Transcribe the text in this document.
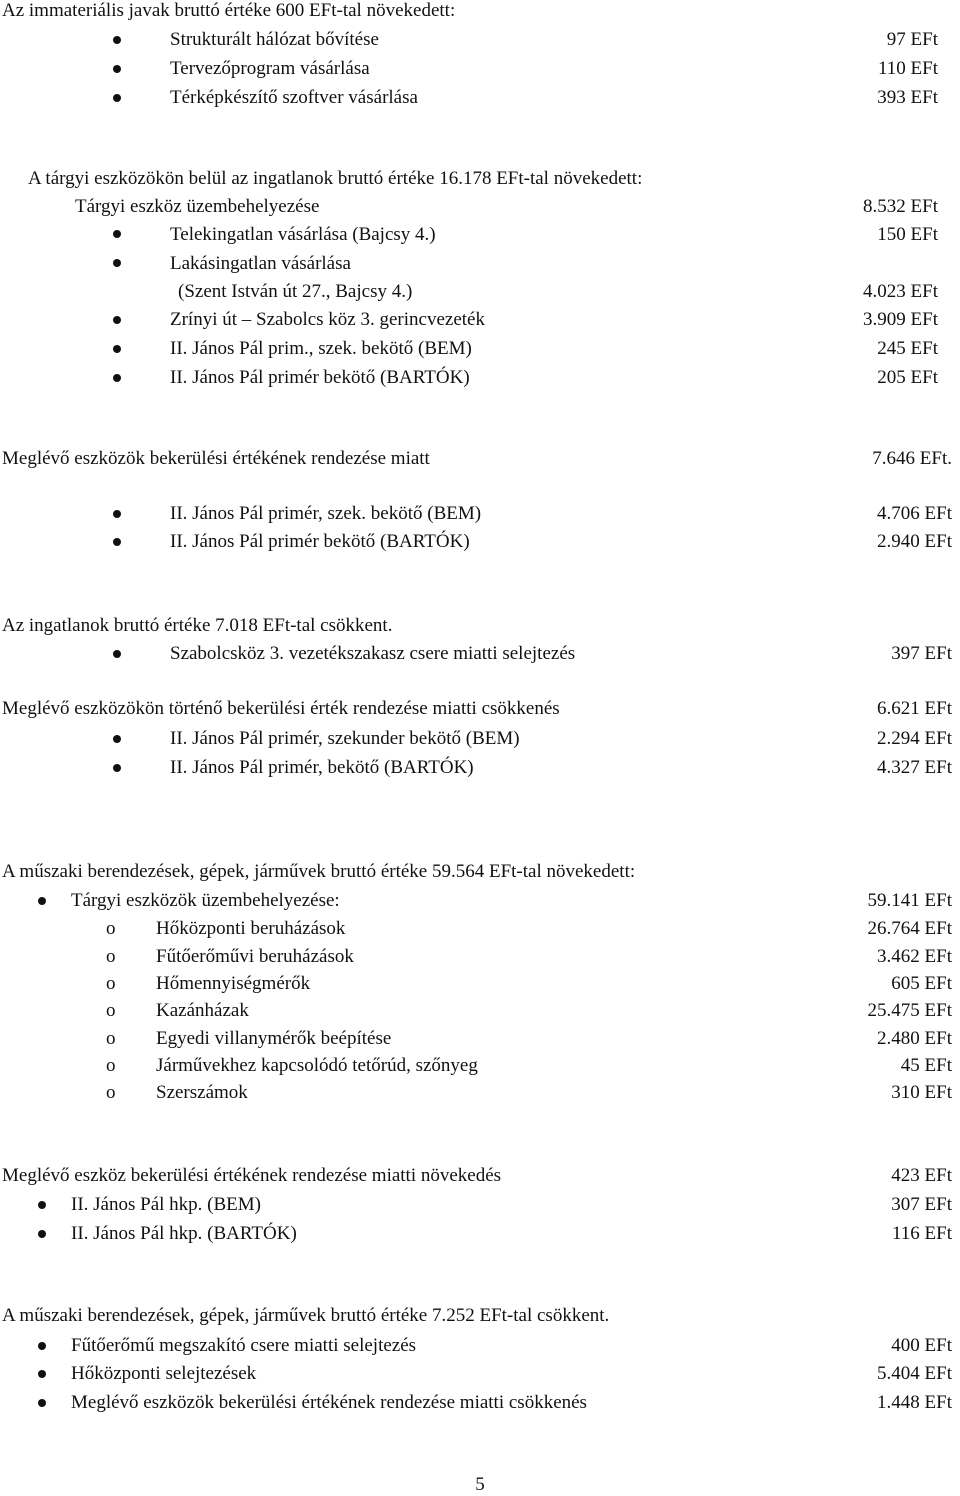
Az immateriális javak bruttó értéke 600 EFt-tal növekedett:
Strukturált hálózat bővítése	97 EFt
Tervezőprogram vásárlása	110 EFt
Térképkészítő szoftver vásárlása	393 EFt
A tárgyi eszközökön belül az ingatlanok bruttó értéke 16.178 EFt-tal növekedett:
Tárgyi eszköz üzembehelyezése	8.532 EFt
Telekingatlan vásárlása (Bajcsy 4.)	150 EFt
Lakásingatlan vásárlása
(Szent István út 27., Bajcsy 4.)	4.023 EFt
Zrínyi út – Szabolcs köz 3. gerincvezeték	3.909 EFt
II. János Pál prim., szek. bekötő (BEM)	245 EFt
II. János Pál primér bekötő (BARTÓK)	205 EFt
Meglévő eszközök bekerülési értékének rendezése miatt	7.646 EFt.
II. János Pál primér, szek. bekötő (BEM)	4.706 EFt
II. János Pál primér bekötő (BARTÓK)	2.940 EFt
Az ingatlanok bruttó értéke 7.018 EFt-tal csökkent.
Szabolcsköz 3. vezetékszakasz csere miatti selejtezés	397 EFt
Meglévő eszközökön történő bekerülési érték rendezése miatti csökkenés	6.621 EFt
II. János Pál primér, szekunder bekötő (BEM)	2.294 EFt
II. János Pál primér, bekötő (BARTÓK)	4.327 EFt
A műszaki berendezések, gépek, járművek bruttó értéke 59.564 EFt-tal növekedett:
Tárgyi eszközök üzembehelyezése:	59.141 EFt
o Hőközponti beruházások	26.764 EFt
o Fűtőerőművi beruházások	3.462 EFt
o Hőmennyiségmérők	605 EFt
o Kazánházak	25.475 EFt
o Egyedi villanymérők beépítése	2.480 EFt
o Járművekhez kapcsolódó tetőrúd, szőnyeg	45 EFt
o Szerszámok	310 EFt
Meglévő eszköz bekerülési értékének rendezése miatti növekedés	423 EFt
II. János Pál hkp. (BEM)	307 EFt
II. János Pál hkp. (BARTÓK)	116 EFt
A műszaki berendezések, gépek, járművek bruttó értéke 7.252 EFt-tal csökkent.
Fűtőerőmű megszakító csere miatti selejtezés	400 EFt
Hőközponti selejtezések	5.404 EFt
Meglévő eszközök bekerülési értékének rendezése miatti csökkenés	1.448 EFt
5
